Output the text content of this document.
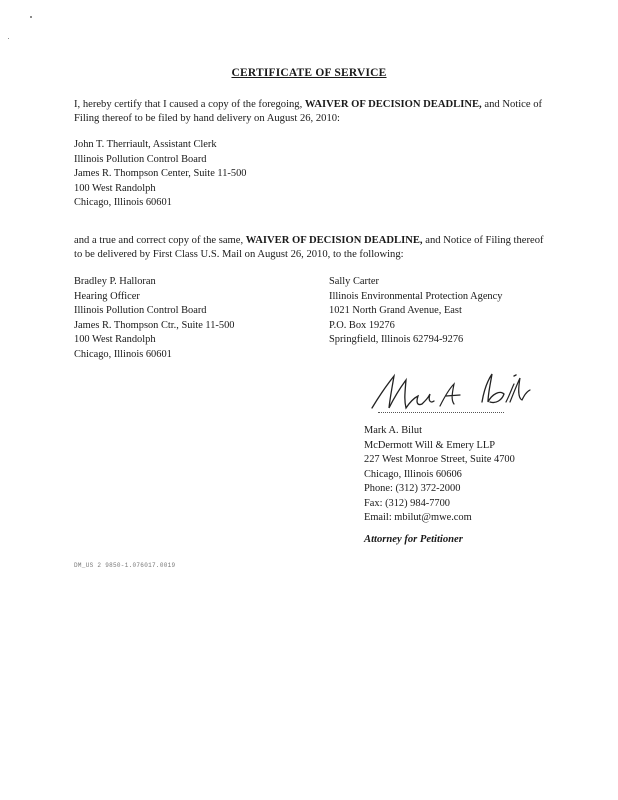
CERTIFICATE OF SERVICE
I, hereby certify that I caused a copy of the foregoing, WAIVER OF DECISION DEADLINE, and Notice of Filing thereof to be filed by hand delivery on August 26, 2010:
John T. Therriault, Assistant Clerk
Illinois Pollution Control Board
James R. Thompson Center, Suite 11-500
100 West Randolph
Chicago, Illinois 60601
and a true and correct copy of the same, WAIVER OF DECISION DEADLINE, and Notice of Filing thereof to be delivered by First Class U.S. Mail on August 26, 2010, to the following:
Bradley P. Halloran
Hearing Officer
Illinois Pollution Control Board
James R. Thompson Ctr., Suite 11-500
100 West Randolph
Chicago, Illinois 60601
Sally Carter
Illinois Environmental Protection Agency
1021 North Grand Avenue, East
P.O. Box 19276
Springfield, Illinois 62794-9276
Mark A. Bilut
McDermott Will & Emery LLP
227 West Monroe Street, Suite 4700
Chicago, Illinois 60606
Phone: (312) 372-2000
Fax: (312) 984-7700
Email: mbilut@mwe.com
Attorney for Petitioner
DM_US 2 9850-1.076017.0019
